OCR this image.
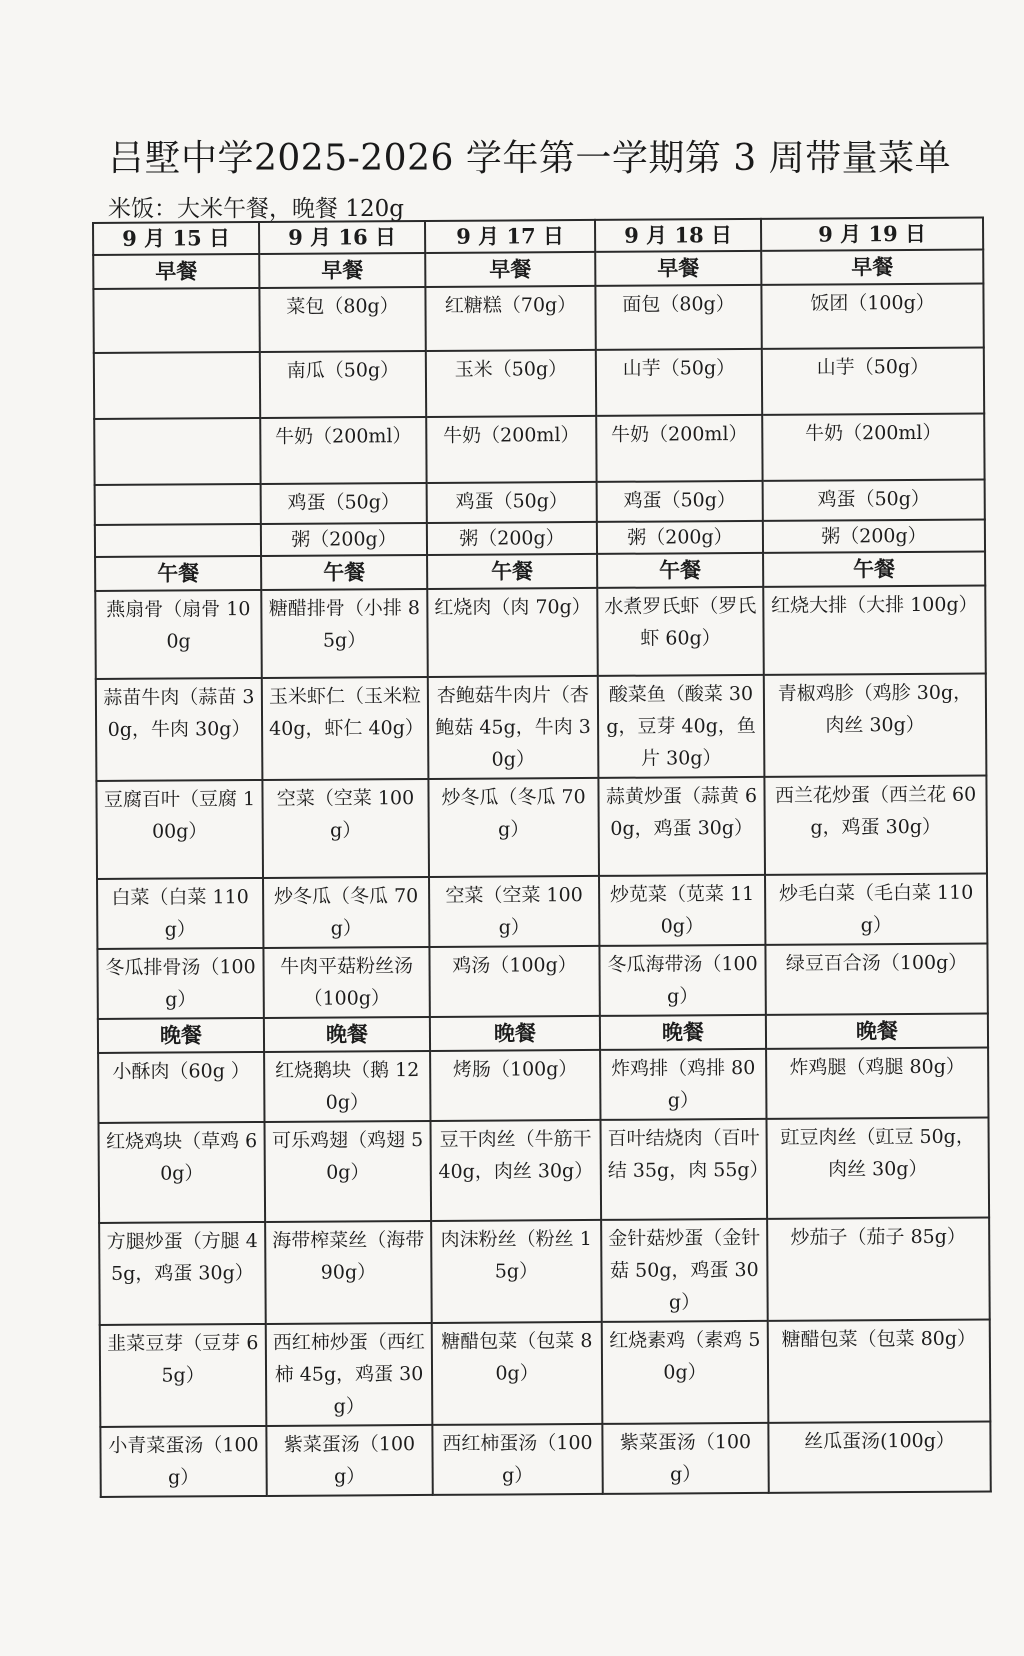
吕墅中学2025-2026 学年第一学期第 3 周带量菜单
米饭：大米午餐，晚餐 120g
9 月 15 日	9 月 16 日	9 月 17 日	9 月 18 日	9 月 19 日
早餐	早餐	早餐	早餐	早餐
	菜包（80g）	红糖糕（70g）	面包（80g）	饭团（100g）
	南瓜（50g）	玉米（50g）	山芋（50g）	山芋（50g）
	牛奶（200ml）	牛奶（200ml）	牛奶（200ml）	牛奶（200ml）
	鸡蛋（50g）	鸡蛋（50g）	鸡蛋（50g）	鸡蛋（50g）
	粥（200g）	粥（200g）	粥（200g）	粥（200g）
午餐	午餐	午餐	午餐	午餐
燕扇骨（扇骨 100g	糖醋排骨（小排 85g）	红烧肉（肉 70g）	水煮罗氏虾（罗氏虾 60g）	红烧大排（大排 100g）
蒜苗牛肉（蒜苗 30g，牛肉 30g）	玉米虾仁（玉米粒 40g，虾仁 40g）	杏鲍菇牛肉片（杏鲍菇 45g，牛肉 30g）	酸菜鱼（酸菜 30g，豆芽 40g，鱼片 30g）	青椒鸡胗（鸡胗 30g，肉丝 30g）
豆腐百叶（豆腐 100g）	空菜（空菜 100g）	炒冬瓜（冬瓜 70g）	蒜黄炒蛋（蒜黄 60g，鸡蛋 30g）	西兰花炒蛋（西兰花 60g，鸡蛋 30g）
白菜（白菜 110g）	炒冬瓜（冬瓜 70g）	空菜（空菜 100g）	炒苋菜（苋菜 110g）	炒毛白菜（毛白菜 110g）
冬瓜排骨汤（100g）	牛肉平菇粉丝汤（100g）	鸡汤（100g）	冬瓜海带汤（100g）	绿豆百合汤（100g）
晚餐	晚餐	晚餐	晚餐	晚餐
小酥肉（60g ）	红烧鹅块（鹅 120g）	烤肠（100g）	炸鸡排（鸡排 80g）	炸鸡腿（鸡腿 80g）
红烧鸡块（草鸡 60g）	可乐鸡翅（鸡翅 50g）	豆干肉丝（牛筋干 40g，肉丝 30g）	百叶结烧肉（百叶结 35g，肉 55g）	豇豆肉丝（豇豆 50g，肉丝 30g）
方腿炒蛋（方腿 45g，鸡蛋 30g）	海带榨菜丝（海带 90g）	肉沫粉丝（粉丝 15g）	金针菇炒蛋（金针菇 50g，鸡蛋 30g）	炒茄子（茄子 85g）
韭菜豆芽（豆芽 65g）	西红柿炒蛋（西红柿 45g，鸡蛋 30g）	糖醋包菜（包菜 80g）	红烧素鸡（素鸡 50g）	糖醋包菜（包菜 80g）
小青菜蛋汤（100g）	紫菜蛋汤（100g）	西红柿蛋汤（100g）	紫菜蛋汤（100g）	丝瓜蛋汤(100g）
